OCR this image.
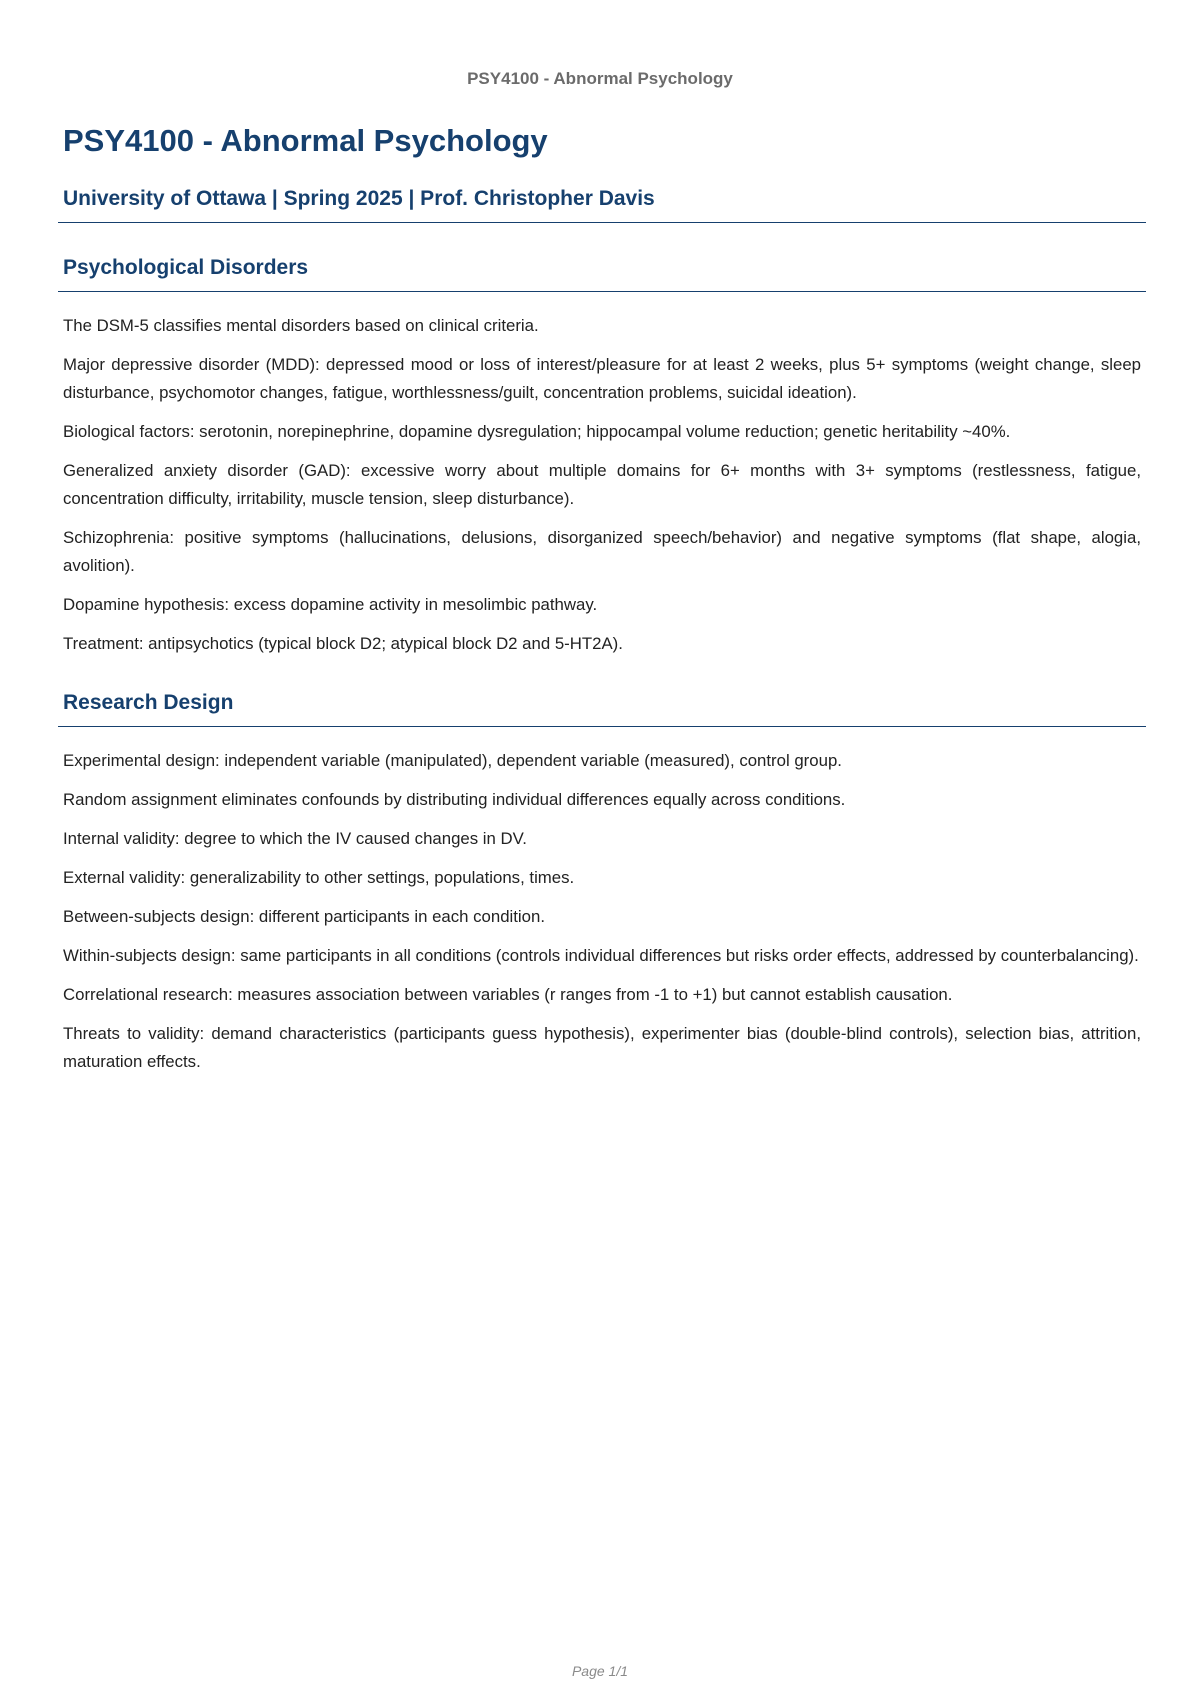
PSY4100 - Abnormal Psychology
PSY4100 - Abnormal Psychology
University of Ottawa | Spring 2025 | Prof. Christopher Davis
Psychological Disorders

The DSM-5 classifies mental disorders based on clinical criteria.

Major depressive disorder (MDD): depressed mood or loss of interest/pleasure for at least 2 weeks, plus 5+ symptoms (weight change, sleep disturbance, psychomotor changes, fatigue, worthlessness/guilt, concentration problems, suicidal ideation).

Biological factors: serotonin, norepinephrine, dopamine dysregulation; hippocampal volume reduction; genetic heritability ~40%.

Generalized anxiety disorder (GAD): excessive worry about multiple domains for 6+ months with 3+ symptoms (restlessness, fatigue, concentration difficulty, irritability, muscle tension, sleep disturbance).

Schizophrenia: positive symptoms (hallucinations, delusions, disorganized speech/behavior) and negative symptoms (flat shape, alogia, avolition).

Dopamine hypothesis: excess dopamine activity in mesolimbic pathway.

Treatment: antipsychotics (typical block D2; atypical block D2 and 5-HT2A).

Research Design

Experimental design: independent variable (manipulated), dependent variable (measured), control group.

Random assignment eliminates confounds by distributing individual differences equally across conditions.

Internal validity: degree to which the IV caused changes in DV.

External validity: generalizability to other settings, populations, times.

Between-subjects design: different participants in each condition.

Within-subjects design: same participants in all conditions (controls individual differences but risks order effects, addressed by counterbalancing).

Correlational research: measures association between variables (r ranges from -1 to +1) but cannot establish causation.

Threats to validity: demand characteristics (participants guess hypothesis), experimenter bias (double-blind controls), selection bias, attrition, maturation effects.

Page 1/1
